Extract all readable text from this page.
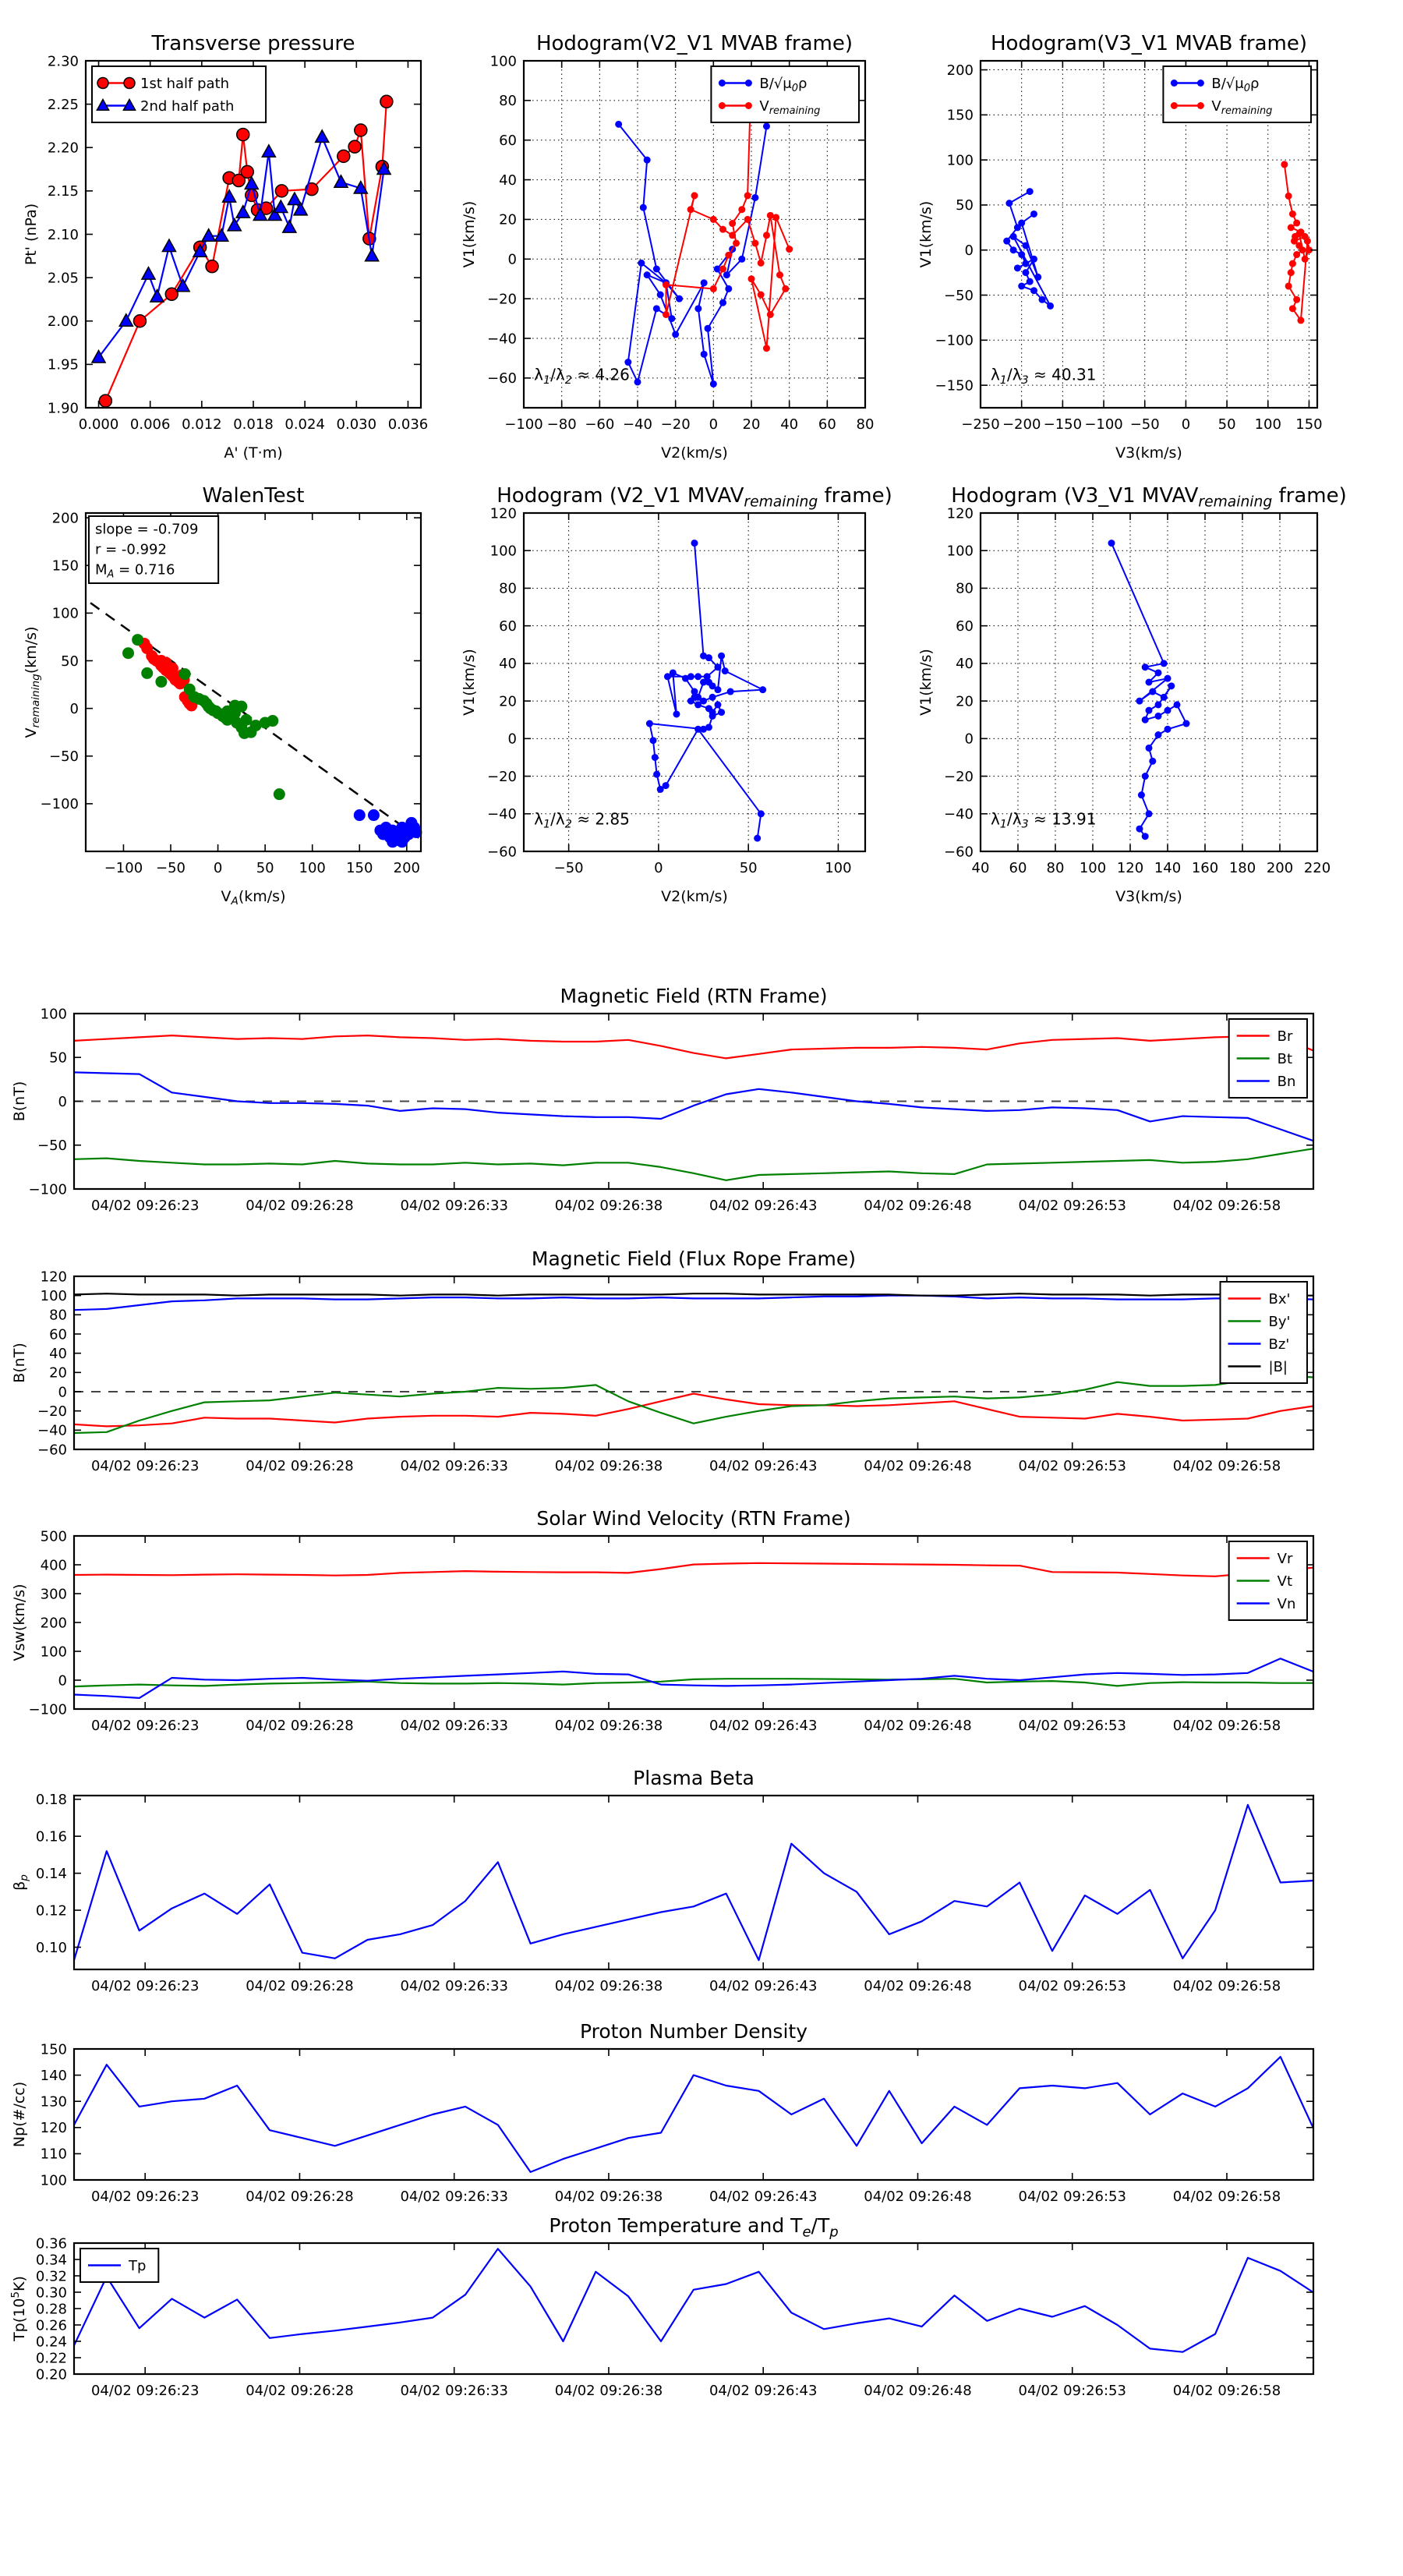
0.000 0.006 0.012 0.018 0.024 0.030 0.036
1.90
1.95
2.00
2.05
2.10
2.15
2.20
2.25
2.30
Transverse pressure
A' (T·m)
Pt' (nPa)
1st half path
2nd half path
−100 −80 −60 −40 −20 0 20 40 60 80
−60
−40
−20
0
20
40
60
80
100
Hodogram(V2_V1 MVAB frame)
V2(km/s)
V1(km/s)
$\lambda_1/\lambda_2 \approx 4.26$
$B/√\mu_0\rho$
$V_{remaining}$
−250 −200 −150 −100 −50 0 50 100 150
−150
−100
−50
0
50
100
150
200
Hodogram(V3_V1 MVAB frame)
V3(km/s)
V1(km/s)
$\lambda_1/\lambda_3 \approx 40.31$
$B/√\mu_0\rho$
$V_{remaining}$
−100 −50 0 50 100 150 200
−100
−50
0
50
100
150
200
WalenTest
$V_A(km/s)$
$V_{remaining}(km/s)$
slope = -0.709
r = -0.992
$M_A = 0.716$
−50	0	50	100
−60
−40
−20
0
20
40
60
80
100
120
Hodogram (V2_V1 $MVAV_{remaining}$ frame)
V2(km/s)
V1(km/s)
$\lambda_1/\lambda_2 \approx 2.85$
40 60 80 100 120 140 160 180 200 220
−60
−40
−20
0
20
40
60
80
100
120
Hodogram (V3_V1 $MVAV_{remaining}$ frame)
V3(km/s)
V1(km/s)
$\lambda_1/\lambda_3 \approx 13.91$
04/02 09:26:23	04/02 09:26:28	04/02 09:26:33	04/02 09:26:38	04/02 09:26:43	04/02 09:26:48	04/02 09:26:53	04/02 09:26:58
−100
−50
0
50
100
Magnetic Field (RTN Frame)
B(nT)
Br
Bt
Bn
04/02 09:26:23	04/02 09:26:28	04/02 09:26:33	04/02 09:26:38	04/02 09:26:43	04/02 09:26:48	04/02 09:26:53	04/02 09:26:58
−60
−40
−20
0
20
40
60
80
100
120
Magnetic Field (Flux Rope Frame)
B(nT)
Bx'
By'
Bz'
|B|
04/02 09:26:23	04/02 09:26:28	04/02 09:26:33	04/02 09:26:38	04/02 09:26:43	04/02 09:26:48	04/02 09:26:53	04/02 09:26:58
−100
0
100
200
300
400
500
Solar Wind Velocity (RTN Frame)
Vsw(km/s)
Vr
Vt
Vn
04/02 09:26:23	04/02 09:26:28	04/02 09:26:33	04/02 09:26:38	04/02 09:26:43	04/02 09:26:48	04/02 09:26:53	04/02 09:26:58
0.10
0.12
0.14
0.16
0.18
Plasma Beta
$\beta_p$
04/02 09:26:23	04/02 09:26:28	04/02 09:26:33	04/02 09:26:38	04/02 09:26:43	04/02 09:26:48	04/02 09:26:53	04/02 09:26:58
100
110
120
130
140
150
Proton Number Density
Np(#/cc)
04/02 09:26:23	04/02 09:26:28	04/02 09:26:33	04/02 09:26:38	04/02 09:26:43	04/02 09:26:48	04/02 09:26:53	04/02 09:26:58
0.20
0.22
0.24
0.26
0.28
0.30
0.32
0.34
0.36
Proton Temperature and $T_e/T_p$
$Tp(10^5K)$
Tp
